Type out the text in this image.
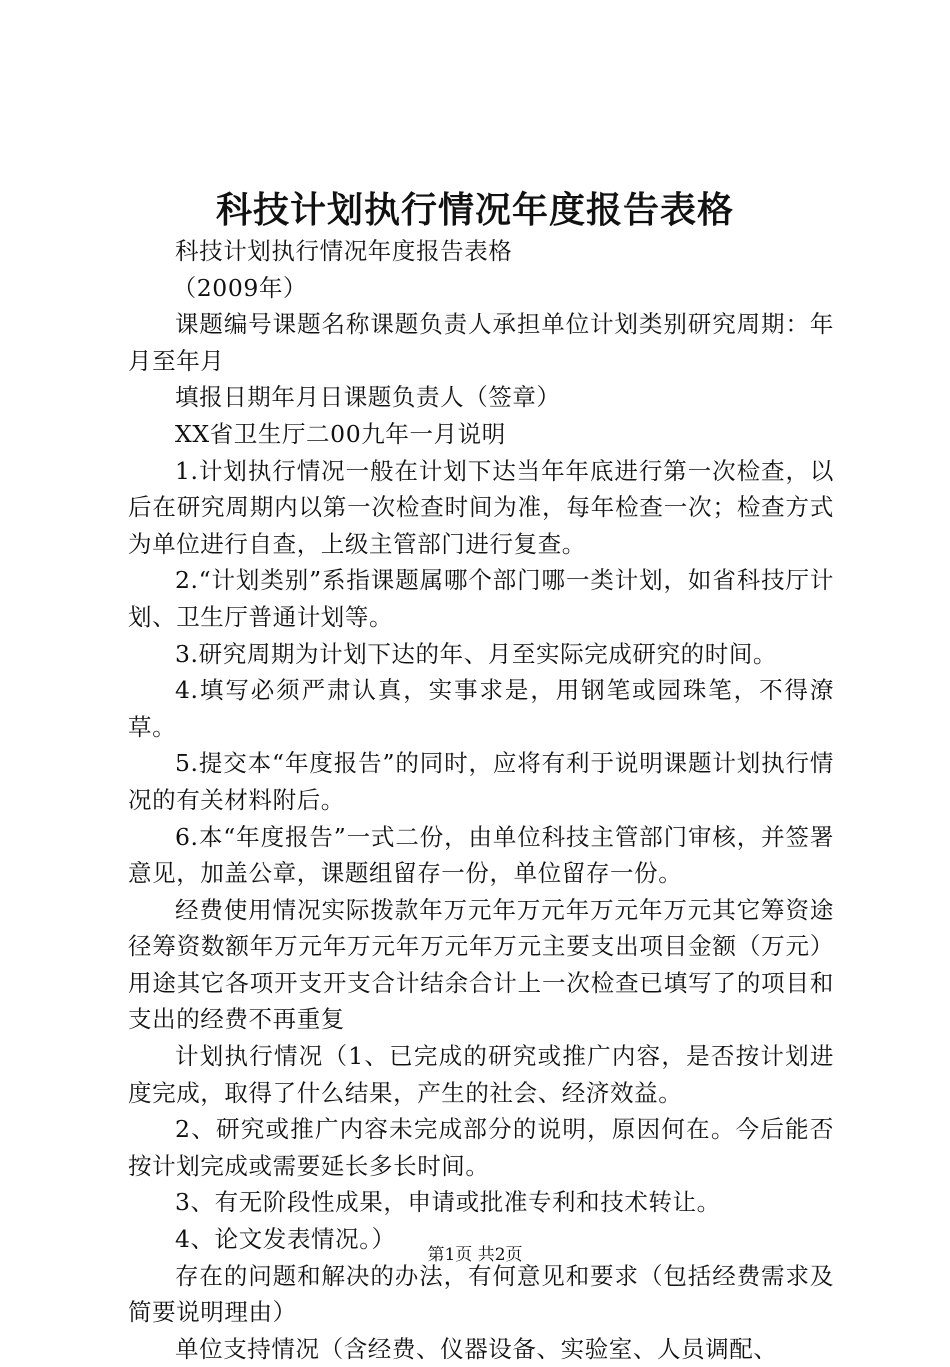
科技计划执行情况年度报告表格

科技计划执行情况年度报告表格

（2009年）

课题编号课题名称课题负责人承担单位计划类别研究周期：年月至年月

填报日期年月日课题负责人（签章）

XX省卫生厅二00九年一月说明

1.计划执行情况一般在计划下达当年年底进行第一次检查，以后在研究周期内以第一次检查时间为准，每年检查一次；检查方式为单位进行自查，上级主管部门进行复查。

2.“计划类别”系指课题属哪个部门哪一类计划，如省科技厅计划、卫生厅普通计划等。

3.研究周期为计划下达的年、月至实际完成研究的时间。

4.填写必须严肃认真，实事求是，用钢笔或园珠笔，不得潦草。

5.提交本“年度报告”的同时，应将有利于说明课题计划执行情况的有关材料附后。

6.本“年度报告”一式二份，由单位科技主管部门审核，并签署意见，加盖公章，课题组留存一份，单位留存一份。

经费使用情况实际拨款年万元年万元年万元年万元其它筹资途径筹资数额年万元年万元年万元年万元主要支出项目金额（万元）用途其它各项开支开支合计结余合计上一次检查已填写了的项目和支出的经费不再重复

计划执行情况（1、已完成的研究或推广内容，是否按计划进度完成，取得了什么结果，产生的社会、经济效益。

2、研究或推广内容未完成部分的说明，原因何在。今后能否按计划完成或需要延长多长时间。

3、有无阶段性成果，申请或批准专利和技术转让。

4、论文发表情况。）

存在的问题和解决的办法，有何意见和要求（包括经费需求及简要说明理由）

单位支持情况（含经费、仪器设备、实验室、人员调配、

第1页 共2页
